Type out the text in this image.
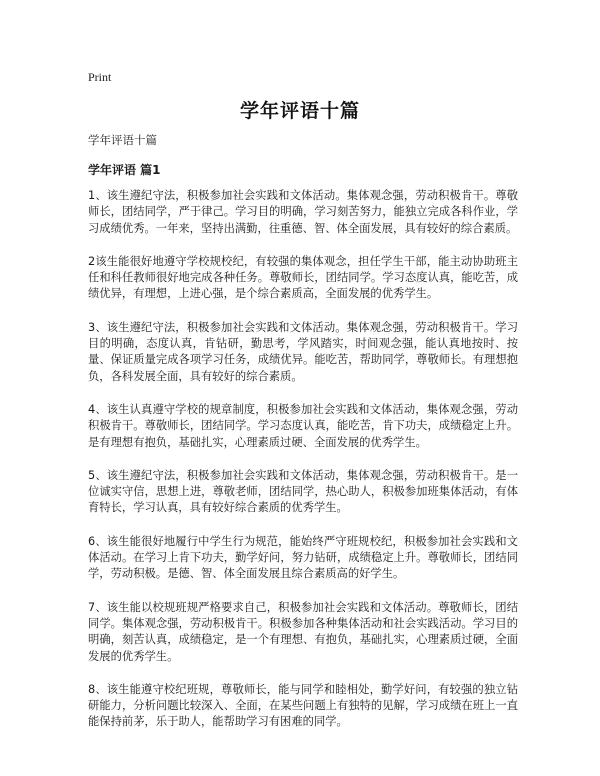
Print
学年评语十篇
学年评语十篇
学年评语 篇1

1、该生遵纪守法，积极参加社会实践和文体活动。集体观念强，劳动积极肯干。尊敬师长，团结同学，严于律己。学习目的明确，学习刻苦努力，能独立完成各科作业，学习成绩优秀。一年来，坚持出满勤，往重德、智、体全面发展，具有较好的综合素质。

2该生能很好地遵守学校规校纪，有较强的集体观念，担任学生干部，能主动协助班主任和科任教师很好地完成各种任务。尊敬师长，团结同学。学习态度认真，能吃苦，成绩优异，有理想，上进心强，是个综合素质高，全面发展的优秀学生。

3、该生遵纪守法，积极参加社会实践和文体活动。集体观念强，劳动积极肯干。学习目的明确，态度认真，肯钻研，勤思考，学风踏实，时间观念强，能认真地按时、按量、保证质量完成各项学习任务，成绩优异。能吃苦，帮助同学，尊敬师长。有理想抱负，各科发展全面，具有较好的综合素质。

4、该生认真遵守学校的规章制度，积极参加社会实践和文体活动，集体观念强，劳动积极肯干。尊敬师长，团结同学。学习态度认真，能吃苦，肯下功夫，成绩稳定上升。是有理想有抱负，基础扎实，心理素质过硬、全面发展的优秀学生。

5、该生遵纪守法，积极参加社会实践和文体活动，集体观念强，劳动积极肯干。是一位诚实守信，思想上进，尊敬老师，团结同学，热心助人，积极参加班集体活动，有体育特长，学习认真，具有较好综合素质的优秀学生。

6、该生能很好地履行中学生行为规范，能始终严守班规校纪，积极参加社会实践和文体活动。在学习上肯下功夫，勤学好问，努力钻研，成绩稳定上升。尊敬师长，团结同学，劳动积极。是德、智、体全面发展且综合素质高的好学生。

7、该生能以校规班规严格要求自己，积极参加社会实践和文体活动。尊敬师长，团结同学。集体观念强，劳动积极肯干。积极参加各种集体活动和社会实践活动。学习目的明确，刻苦认真，成绩稳定，是一个有理想、有抱负，基础扎实，心理素质过硬，全面发展的优秀学生。

8、该生能遵守校纪班规，尊敬师长，能与同学和睦相处，勤学好问，有较强的独立钻研能力，分析问题比较深入、全面，在某些问题上有独特的见解，学习成绩在班上一直能保持前茅，乐于助人，能帮助学习有困难的同学。
